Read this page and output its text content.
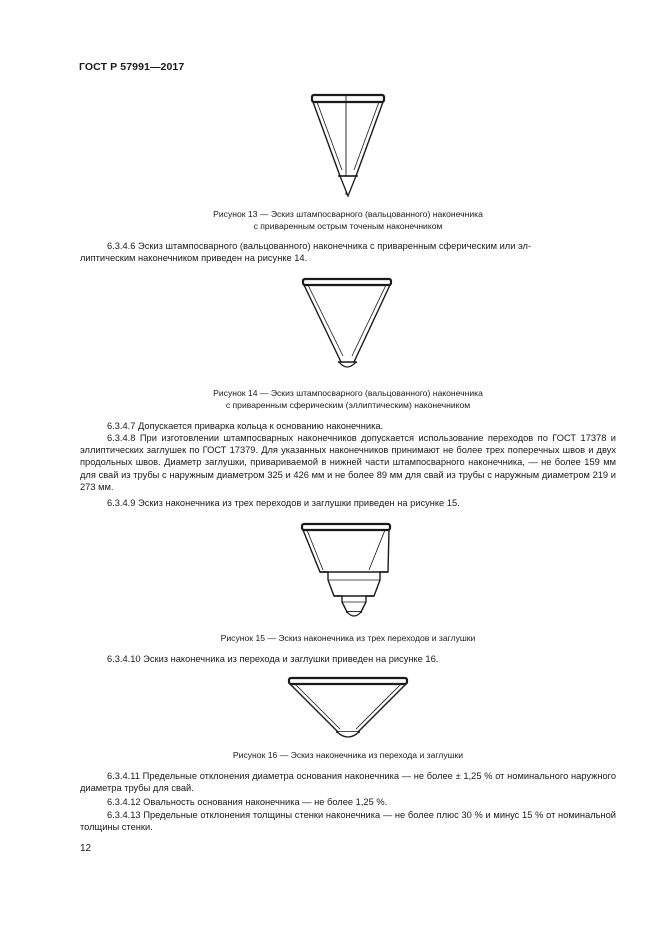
ГОСТ Р 57991—2017
Рисунок 13 — Эскиз штампосварного (вальцованного) наконечника
с приваренным острым точеным наконечником
6.3.4.6 Эскиз штампосварного (вальцованного) наконечника с приваренным сферическим или эл-
липтическим наконечником приведен на рисунке 14.
Рисунок 14 — Эскиз штампосварного (вальцованного) наконечника
с приваренным сферическим (эллиптическим) наконечником
6.3.4.7 Допускается приварка кольца к основанию наконечника.
6.3.4.8 При изготовлении штампосварных наконечников допускается использование переходов по ГОСТ 17378 и эллиптических заглушек по ГОСТ 17379. Для указанных наконечников принимают не более трех поперечных швов и двух продольных швов. Диаметр заглушки, привариваемой в нижней части штампосварного наконечника, — не более 159 мм для свай из трубы с наружным диаметром 325 и 426 мм и не более 89 мм для свай из трубы с наружным диаметром 219 и 273 мм.
6.3.4.9 Эскиз наконечника из трех переходов и заглушки приведен на рисунке 15.
Рисунок 15 — Эскиз наконечника из трех переходов и заглушки
6.3.4.10 Эскиз наконечника из перехода и заглушки приведен на рисунке 16.
Рисунок 16 — Эскиз наконечника из перехода и заглушки
6.3.4.11 Предельные отклонения диаметра основания наконечника — не более ± 1,25 % от номинального наружного диаметра трубы для свай.
6.3.4.12 Овальность основания наконечника — не более 1,25 %.
6.3.4.13 Предельные отклонения толщины стенки наконечника — не более плюс 30 % и минус 15 % от номинальной толщины стенки.
12
